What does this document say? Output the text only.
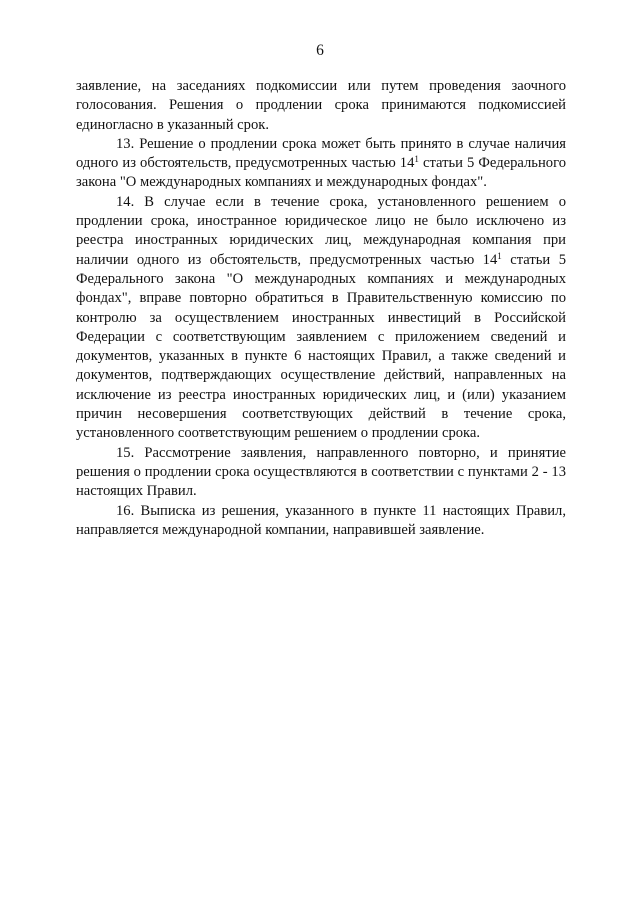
6

заявление, на заседаниях подкомиссии или путем проведения заочного голосования. Решения о продлении срока принимаются подкомиссией единогласно в указанный срок.

13. Решение о продлении срока может быть принято в случае наличия одного из обстоятельств, предусмотренных частью $14^1$ статьи 5 Федерального закона "О международных компаниях и международных фондах".

14. В случае если в течение срока, установленного решением о продлении срока, иностранное юридическое лицо не было исключено из реестра иностранных юридических лиц, международная компания при наличии одного из обстоятельств, предусмотренных частью $14^1$ статьи 5 Федерального закона "О международных компаниях и международных фондах", вправе повторно обратиться в Правительственную комиссию по контролю за осуществлением иностранных инвестиций в Российской Федерации с соответствующим заявлением с приложением сведений и документов, указанных в пункте 6 настоящих Правил, а также сведений и документов, подтверждающих осуществление действий, направленных на исключение из реестра иностранных юридических лиц, и (или) указанием причин несовершения соответствующих действий в течение срока, установленного соответствующим решением о продлении срока.

15. Рассмотрение заявления, направленного повторно, и принятие решения о продлении срока осуществляются в соответствии с пунктами 2 - 13 настоящих Правил.

16. Выписка из решения, указанного в пункте 11 настоящих Правил, направляется международной компании, направившей заявление.
